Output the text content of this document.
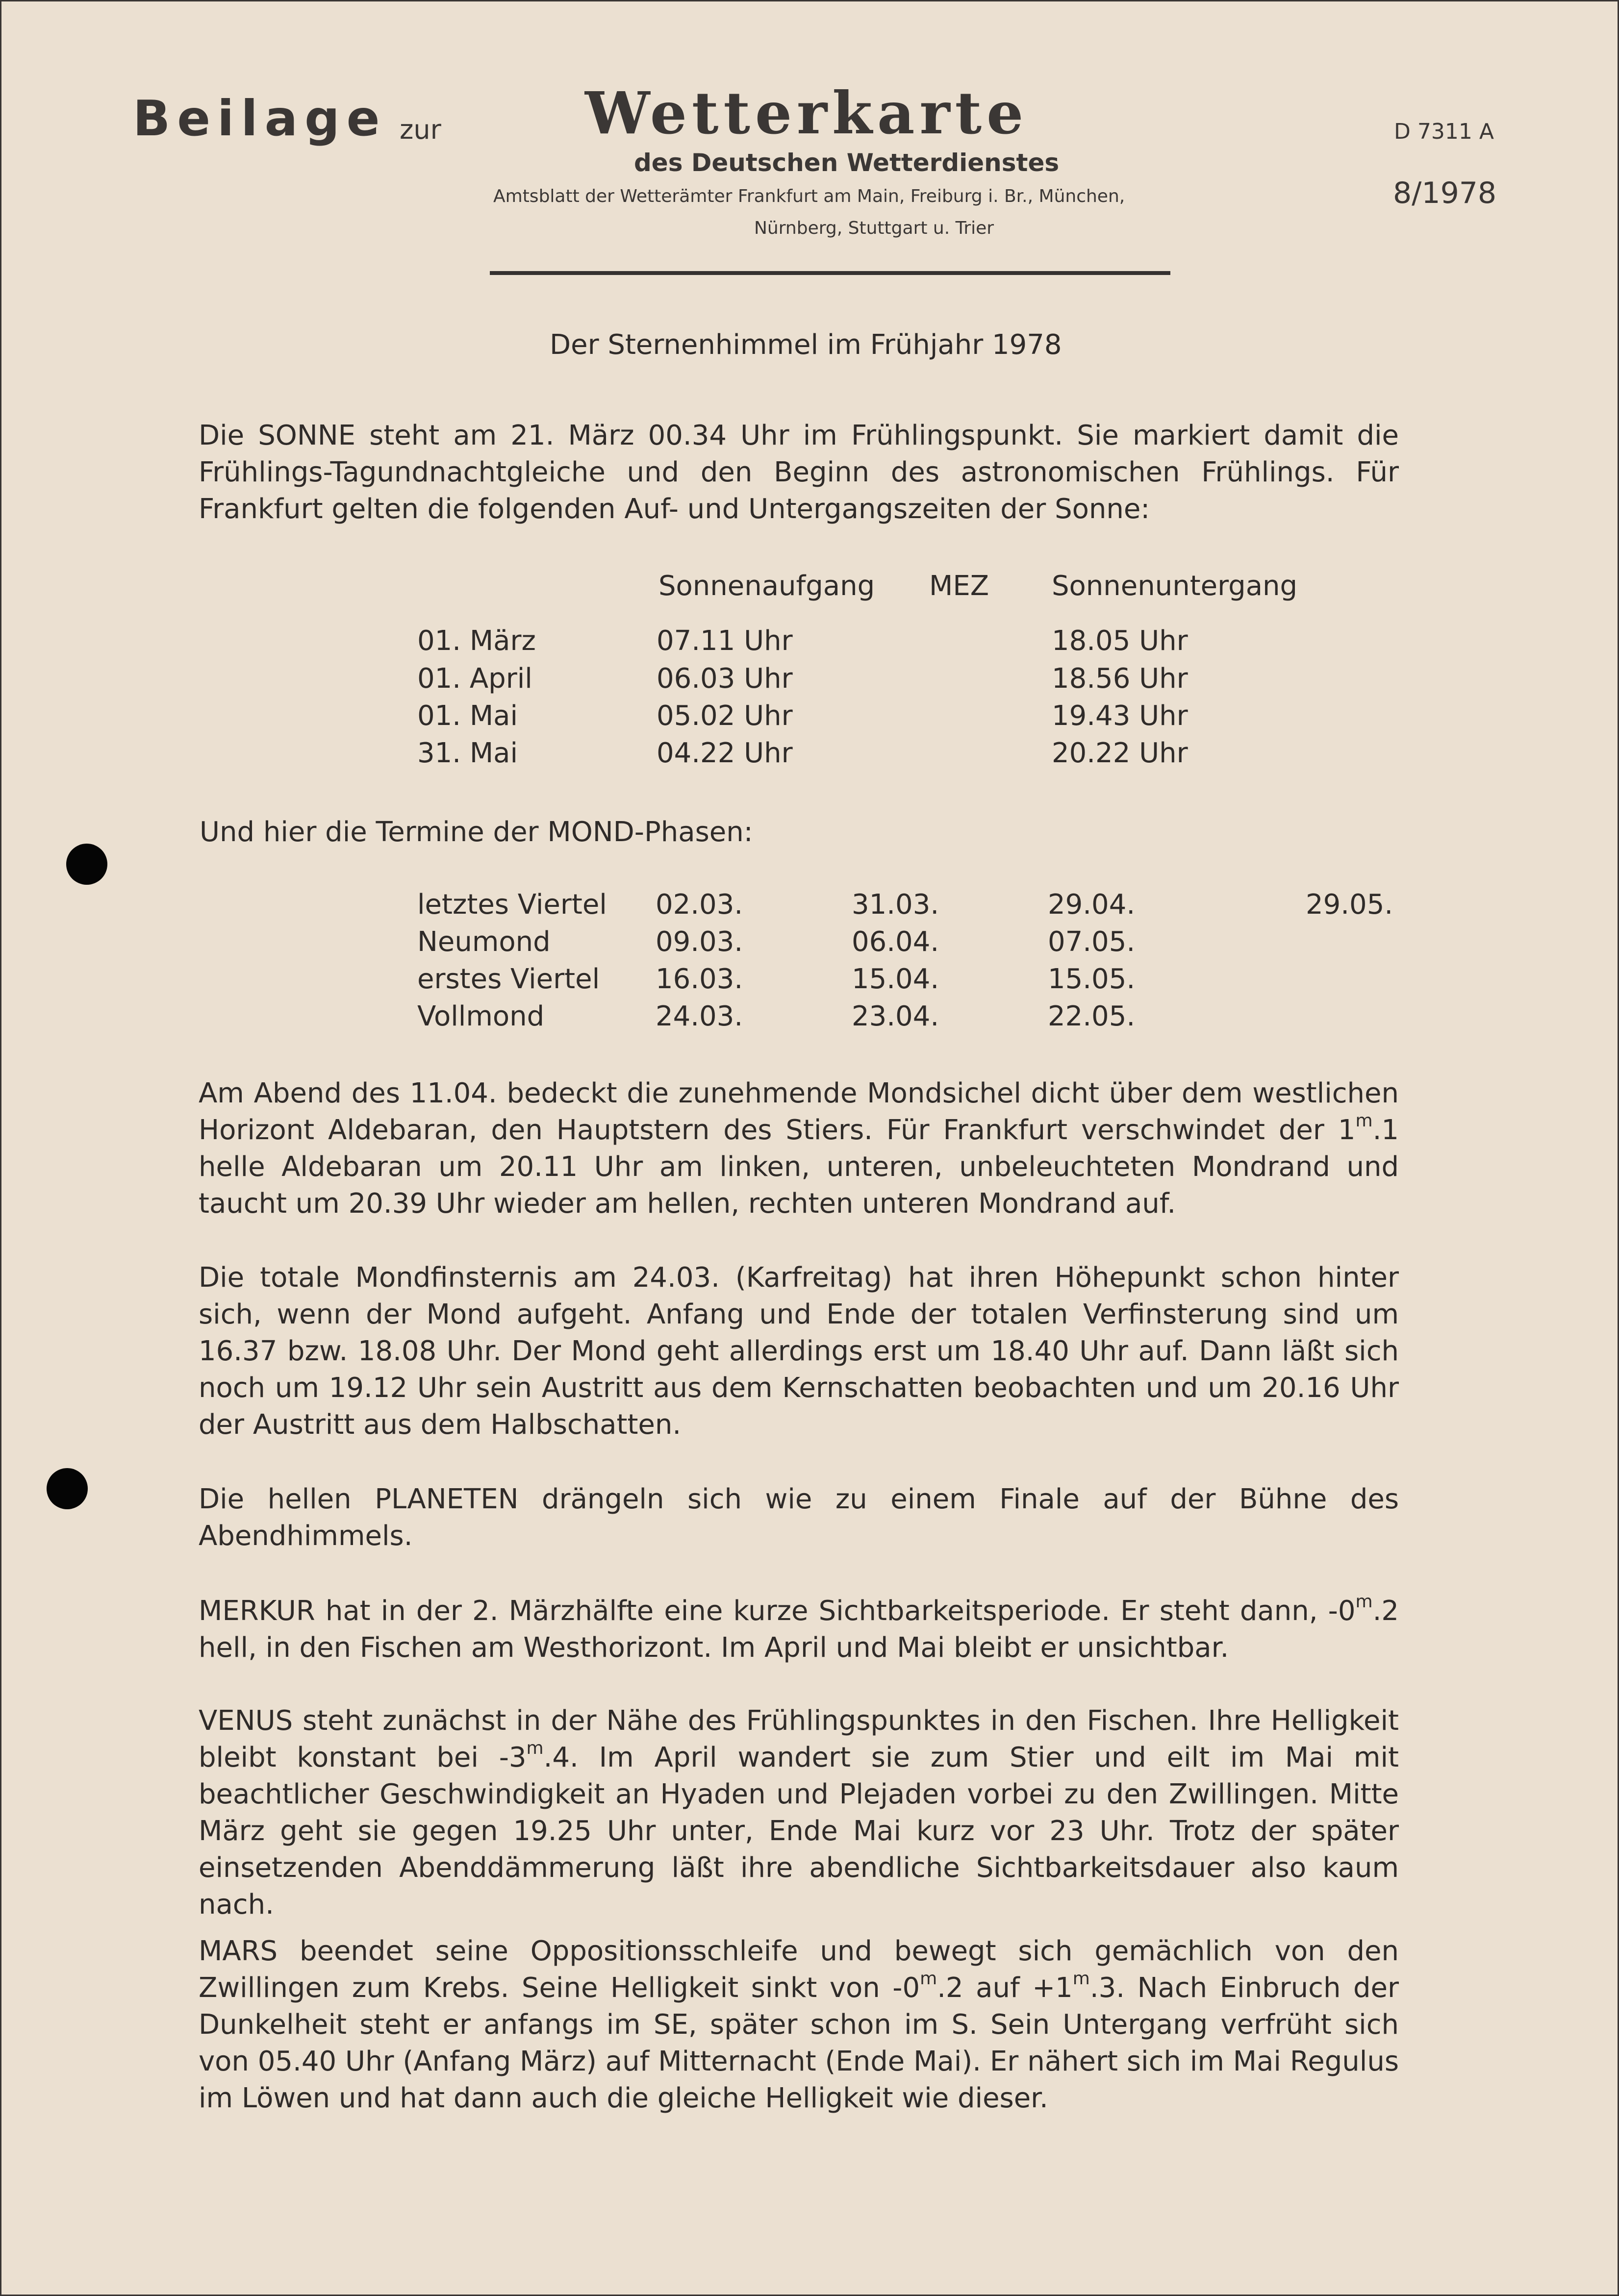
Beilage zur Wetterkarte
des Deutschen Wetterdienstes
Amtsblatt der Wetterämter Frankfurt am Main, Freiburg i. Br., München,
Nürnberg, Stuttgart u. Trier
D 7311 A
8/1978
Der Sternenhimmel im Frühjahr 1978
Die SONNE steht am 21. März 00.34 Uhr im Frühlingspunkt. Sie markiert damit die Frühlings-Tagundnachtgleiche und den Beginn des astronomischen Frühlings. Für Frankfurt gelten die folgenden Auf- und Untergangszeiten der Sonne:
Sonnenaufgang MEZ Sonnenuntergang
01. März	07.11 Uhr	18.05 Uhr
01. April	06.03 Uhr	18.56 Uhr
01. Mai	05.02 Uhr	19.43 Uhr
31. Mai	04.22 Uhr	20.22 Uhr
Und hier die Termine der MOND-Phasen:
letztes Viertel 02.03.	31.03.	29.04.	29.05.
Neumond	09.03.	06.04.	07.05.
erstes Viertel 16.03.	15.04.	15.05.
Vollmond	24.03.	23.04.	22.05.
Am Abend des 11.04. bedeckt die zunehmende Mondsichel dicht über dem westlichen Horizont Aldebaran, den Hauptstern des Stiers. Für Frankfurt verschwindet der 1$^m$.1 helle Aldebaran um 20.11 Uhr am linken, unteren, unbeleuchteten Mondrand und taucht um 20.39 Uhr wieder am hellen, rechten unteren Mondrand auf.
Die totale Mondfinsternis am 24.03. (Karfreitag) hat ihren Höhepunkt schon hinter sich, wenn der Mond aufgeht. Anfang und Ende der totalen Verfinsterung sind um 16.37 bzw. 18.08 Uhr. Der Mond geht allerdings erst um 18.40 Uhr auf. Dann läßt sich noch um 19.12 Uhr sein Austritt aus dem Kernschatten beobachten und um 20.16 Uhr der Austritt aus dem Halbschatten.
Die hellen PLANETEN drängeln sich wie zu einem Finale auf der Bühne des Abendhimmels.
MERKUR hat in der 2. Märzhälfte eine kurze Sichtbarkeitsperiode. Er steht dann, -0$^m$.2 hell, in den Fischen am Westhorizont. Im April und Mai bleibt er unsichtbar.
VENUS steht zunächst in der Nähe des Frühlingspunktes in den Fischen. Ihre Helligkeit bleibt konstant bei -3$^m$.4. Im April wandert sie zum Stier und eilt im Mai mit beachtlicher Geschwindigkeit an Hyaden und Plejaden vorbei zu den Zwillingen. Mitte März geht sie gegen 19.25 Uhr unter, Ende Mai kurz vor 23 Uhr. Trotz der später einsetzenden Abenddämmerung läßt ihre abendliche Sichtbarkeitsdauer also kaum nach.
MARS beendet seine Oppositionsschleife und bewegt sich gemächlich von den Zwillingen zum Krebs. Seine Helligkeit sinkt von -0$^m$.2 auf $+1^m.3$. Nach Einbruch der Dunkelheit steht er anfangs im SE, später schon im S. Sein Untergang verfrüht sich von 05.40 Uhr (Anfang März) auf Mitternacht (Ende Mai). Er nähert sich im Mai Regulus im Löwen und hat dann auch die gleiche Helligkeit wie dieser.
